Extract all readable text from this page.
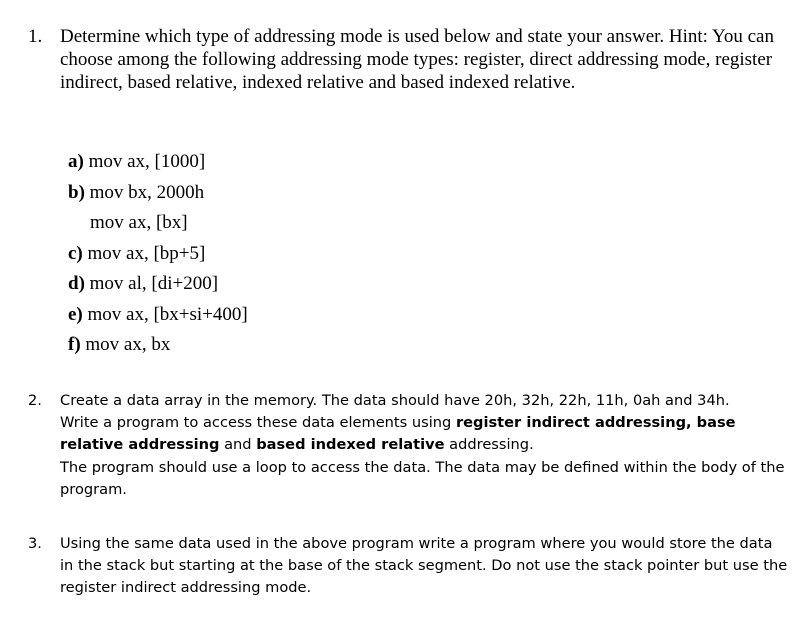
1. Determine which type of addressing mode is used below and state your answer. Hint: You can choose among the following addressing mode types: register, direct addressing mode, register indirect, based relative, indexed relative and based indexed relative.
a) mov ax, [1000]
b) mov bx, 2000h
mov ax, [bx]
c) mov ax, [bp+5]
d) mov al, [di+200]
e) mov ax, [bx+si+400]
f) mov ax, bx
2. Create a data array in the memory. The data should have 20h, 32h, 22h, 11h, 0ah and 34h.
Write a program to access these data elements using register indirect addressing, base relative addressing and based indexed relative addressing.
The program should use a loop to access the data. The data may be defined within the body of the program.
3. Using the same data used in the above program write a program where you would store the data in the stack but starting at the base of the stack segment. Do not use the stack pointer but use the register indirect addressing mode.
